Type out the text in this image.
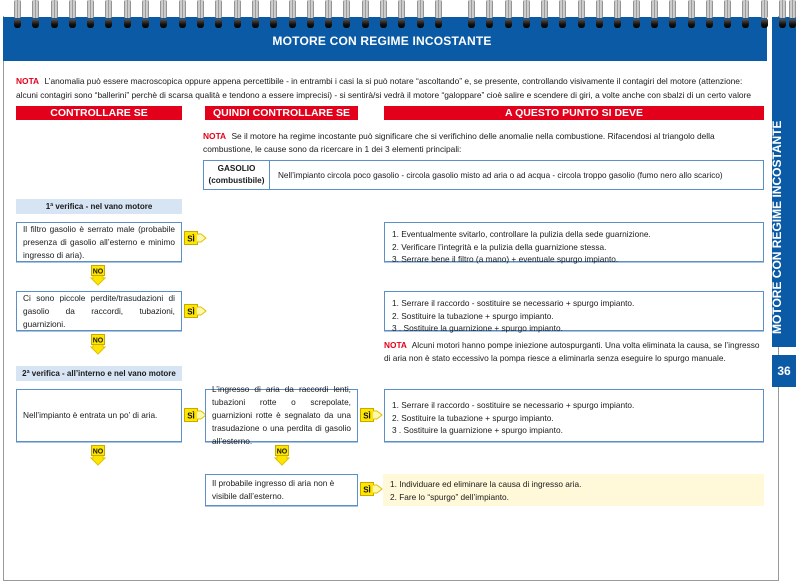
MOTORE CON REGIME INCOSTANTE
MOTORE CON REGIME INCOSTANTE
36
NOTA L’anomalia può essere macroscopica oppure appena percettibile - in entrambi i casi la si può notare “ascoltando” e, se presente, controllando visivamente il contagiri del motore (attenzione: alcuni contagiri sono “ballerini” perchè di scarsa qualità e tendono a essere imprecisi) - si sentirà/si vedrà il motore “galoppare” cioè salire e scendere di giri, a volte anche con sbalzi di un certo valore
CONTROLLARE SE	QUINDI CONTROLLARE SE	A QUESTO PUNTO SI DEVE
NOTA Se il motore ha regime incostante può significare che si verifichino delle anomalie nella combustione. Rifacendosi al triangolo della combustione, le cause sono da ricercare in 1 dei 3 elementi principali:
GASOLIO
(combustibile)
Nell’impianto circola poco gasolio - circola gasolio misto ad aria o ad acqua - circola troppo gasolio (fumo nero allo scarico)
1ª verifica - nel vano motore
Il filtro gasolio è serrato male (probabile presenza di gasolio all’esterno e minimo ingresso di aria).
SÌ	1. Eventualmente svitarlo, controllare la pulizia della sede guarnizione.
2. Verificare l’integrità e la pulizia della guarnizione stessa.
3. Serrare bene il filtro (a mano) + eventuale spurgo impianto.
NO
Ci sono piccole perdite/trasudazioni di gasolio da raccordi, tubazioni, guarnizioni.
SÌ
1. Serrare il raccordo - sostituire se necessario + spurgo impianto.
2. Sostituire la tubazione + spurgo impianto.
3 . Sostituire la guarnizione + spurgo impianto.
NOTA Alcuni motori hanno pompe iniezione autospurganti. Una volta eliminata la causa, se l’ingresso di aria non è stato eccessivo la pompa riesce a eliminarla senza eseguire lo spurgo manuale.
NO
2ª verifica - all’interno e nel vano motore
Nell’impianto è entrata un po’ di aria.	SÌ
L’ingresso di aria da raccordi lenti, tubazioni rotte o screpolate, guarnizioni rotte è segnalato da una trasudazione o una perdita di gasolio all’esterno.
SÌ
1. Serrare il raccordo - sostituire se necessario + spurgo impianto.
2. Sostituire la tubazione + spurgo impianto.
3 . Sostituire la guarnizione + spurgo impianto.
NO	NO
Il probabile ingresso di aria non è visibile dall’esterno.
SÌ
1. Individuare ed eliminare la causa di ingresso aria.
2. Fare lo “spurgo” dell’impianto.
